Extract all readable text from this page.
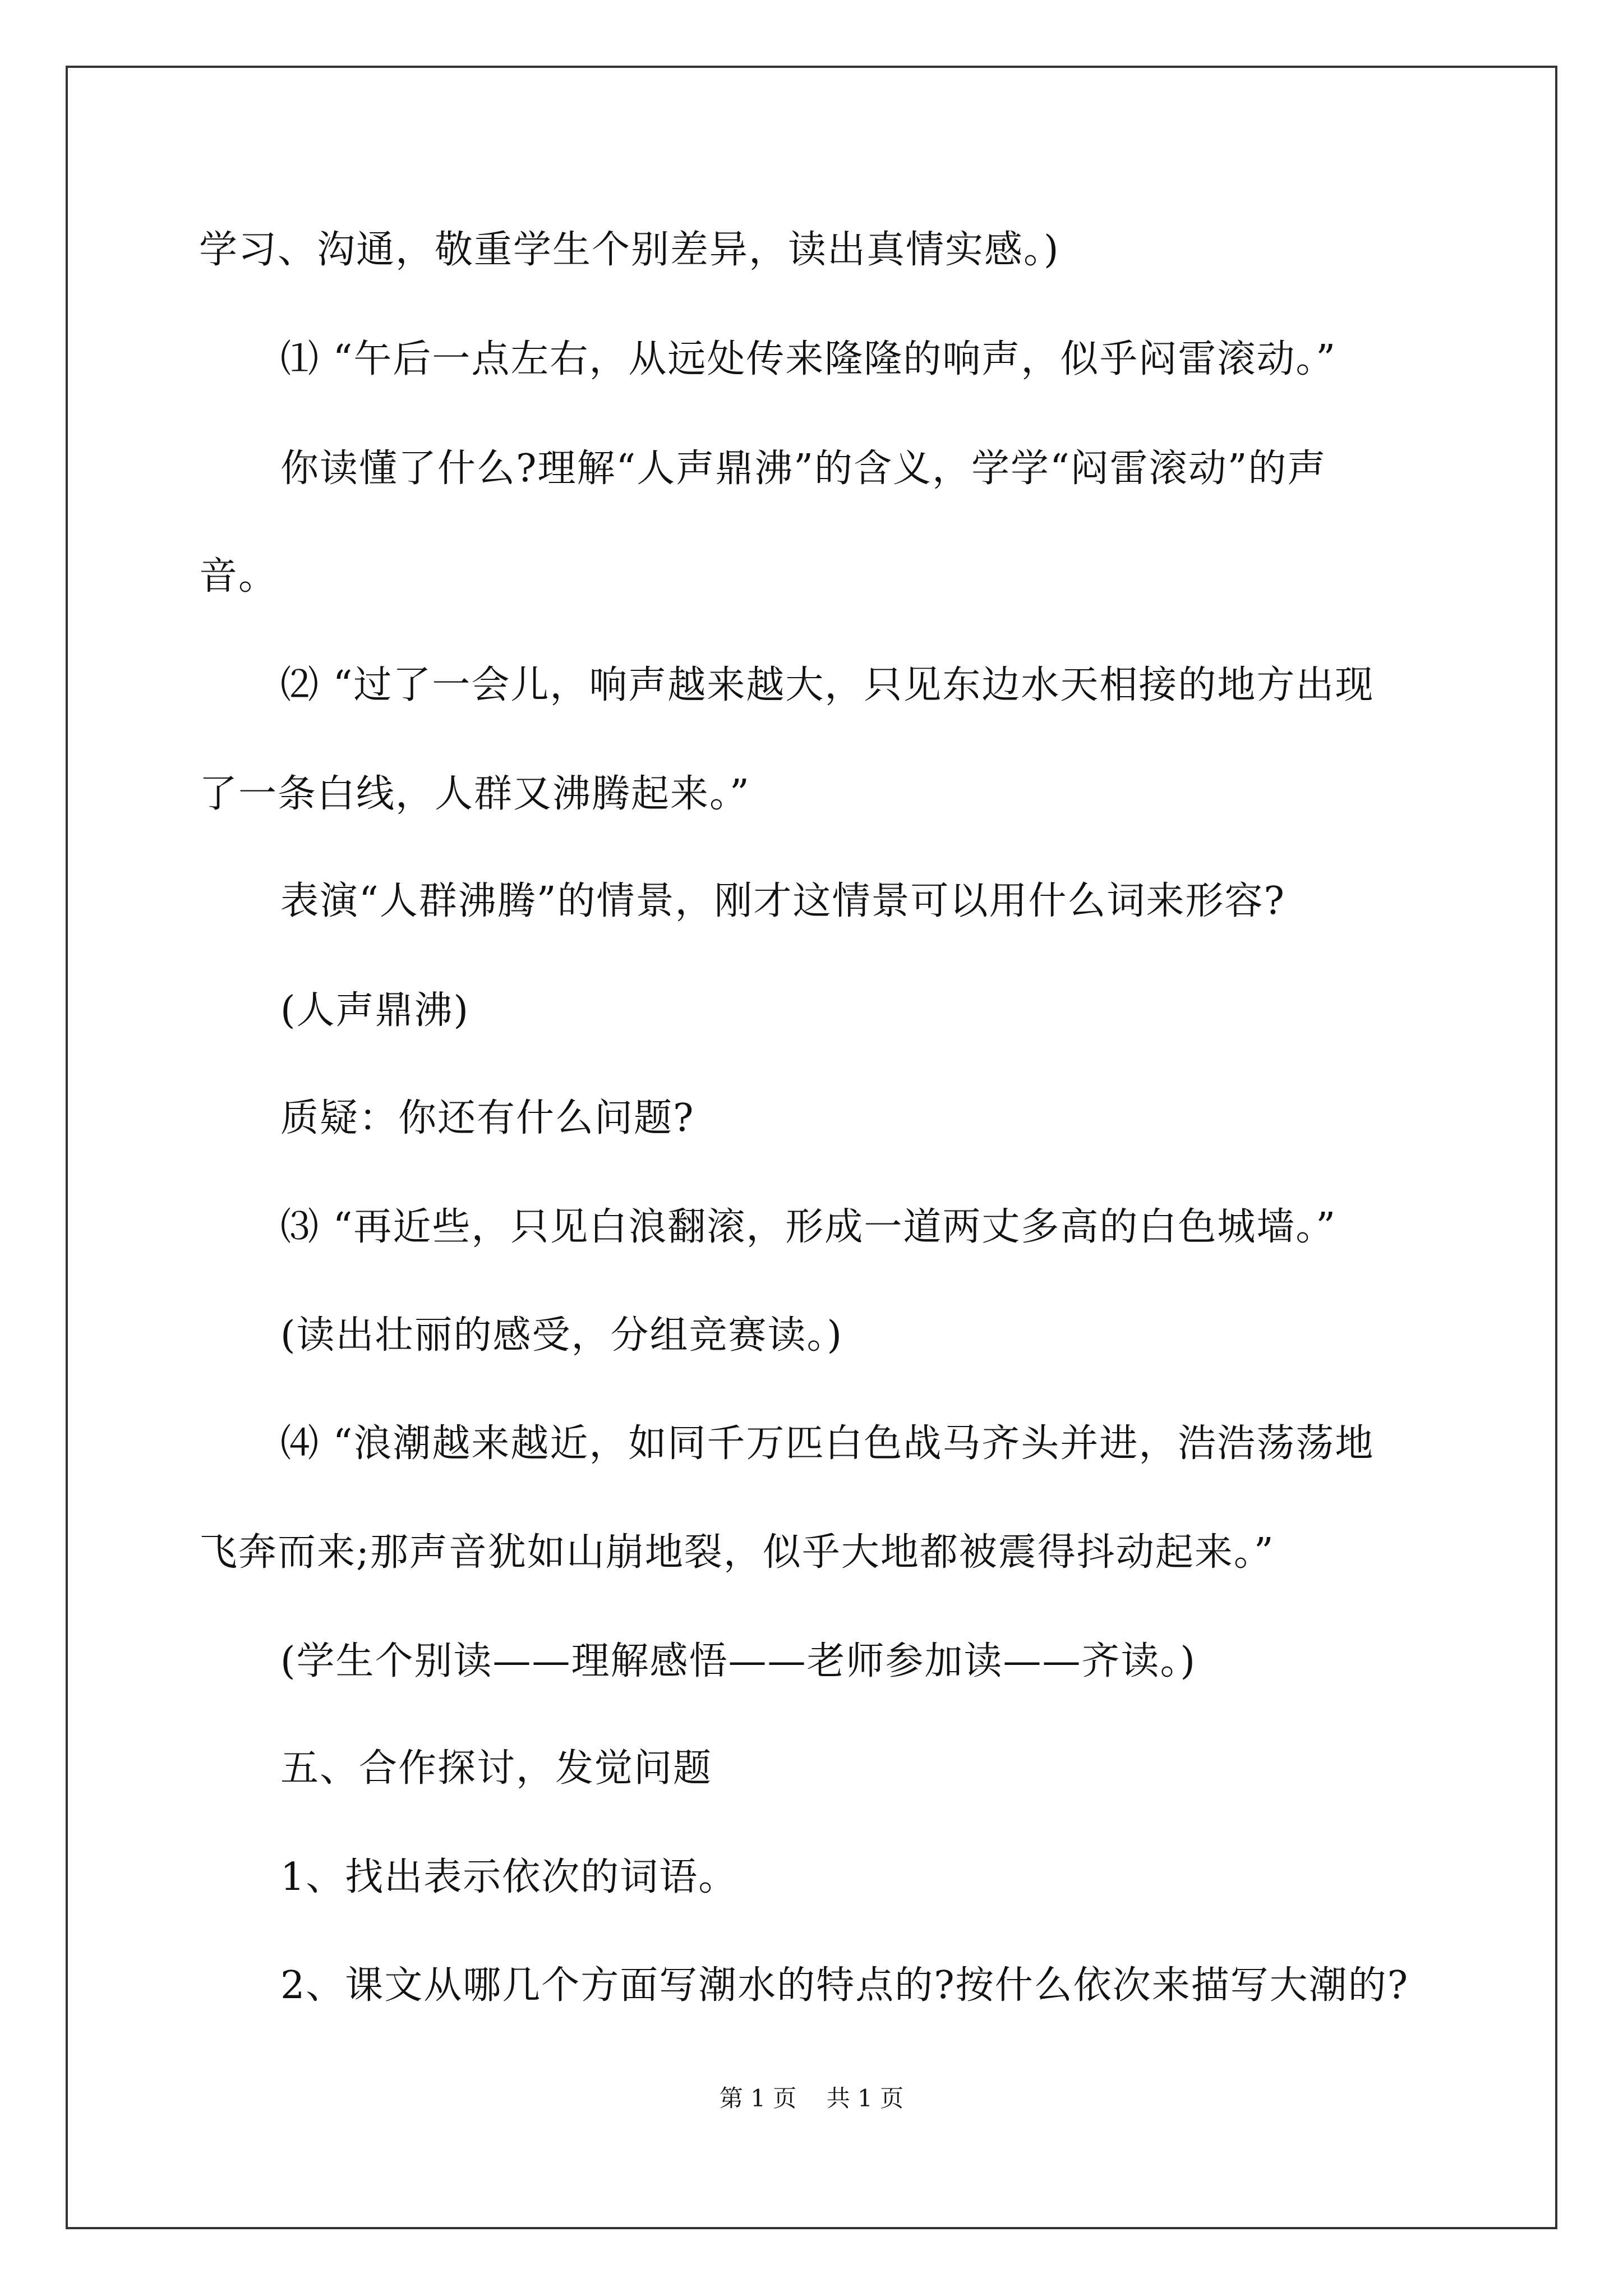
学习、沟通，敬重学生个别差异，读出真情实感。)
⑴ “午后一点左右，从远处传来隆隆的响声，似乎闷雷滚动。”
你读懂了什么?理解“人声鼎沸”的含义，学学“闷雷滚动”的声
音。
⑵ “过了一会儿，响声越来越大，只见东边水天相接的地方出现
了一条白线，人群又沸腾起来。”
表演“人群沸腾”的情景，刚才这情景可以用什么词来形容?
(人声鼎沸)
质疑：你还有什么问题?
⑶ “再近些，只见白浪翻滚，形成一道两丈多高的白色城墙。”
(读出壮丽的感受，分组竞赛读。)
⑷ “浪潮越来越近，如同千万匹白色战马齐头并进，浩浩荡荡地
飞奔而来;那声音犹如山崩地裂，似乎大地都被震得抖动起来。”
(学生个别读——理解感悟——老师参加读——齐读。)
五、合作探讨，发觉问题
1、找出表示依次的词语。
2、课文从哪几个方面写潮水的特点的?按什么依次来描写大潮的?
第 1 页    共 1 页
